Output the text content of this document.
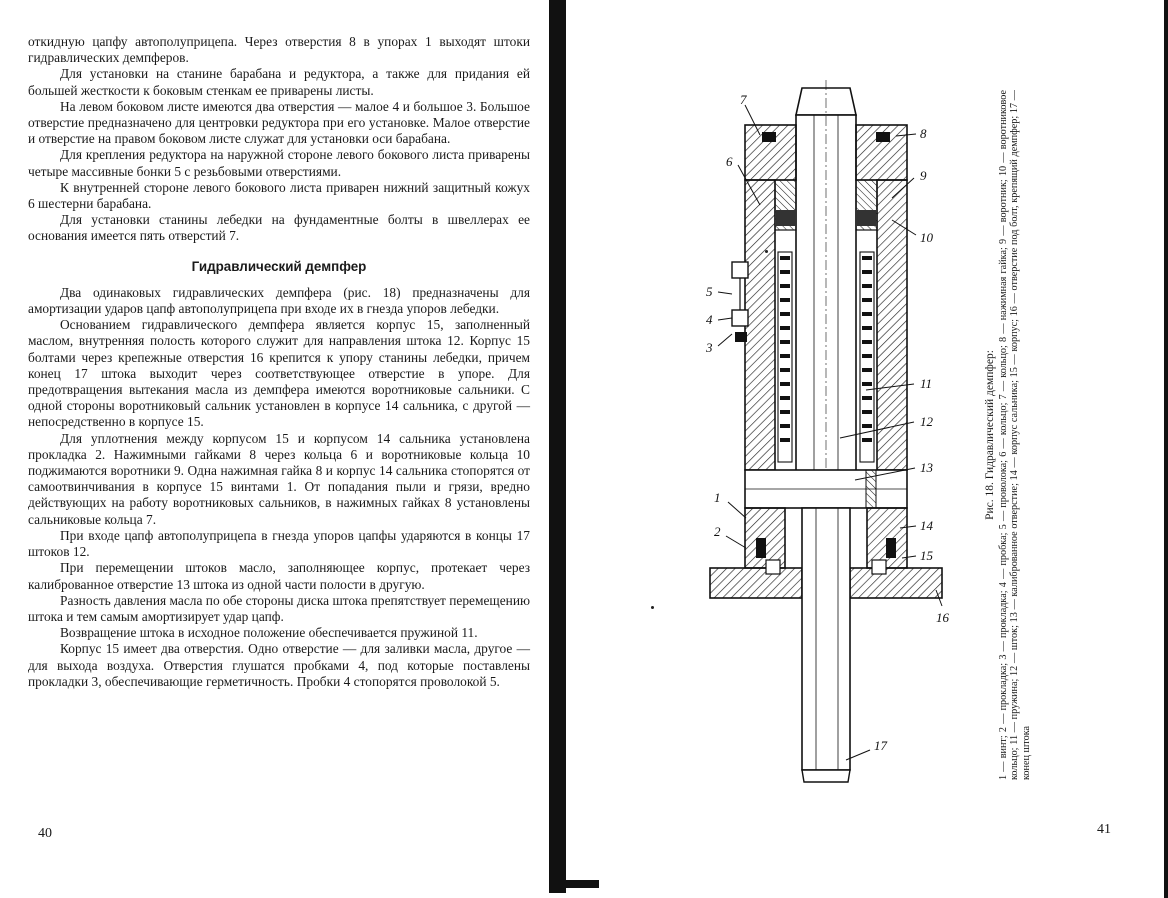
откидную цапфу автополуприцепа. Через отверстия 8 в упорах 1 выходят штоки гидравлических демпферов.

Для установки на станине барабана и редуктора, а также для придания ей большей жесткости к боковым стенкам ее приварены листы.

На левом боковом листе имеются два отверстия — малое 4 и большое 3. Большое отверстие предназначено для центровки редуктора при его установке. Малое отверстие и отверстие на правом боковом листе служат для установки оси барабана.

Для крепления редуктора на наружной стороне левого бокового листа приварены четыре массивные бонки 5 с резьбовыми отверстиями.

К внутренней стороне левого бокового листа приварен нижний защитный кожух 6 шестерни барабана.

Для установки станины лебедки на фундаментные болты в швеллерах ее основания имеется пять отверстий 7.

Гидравлический демпфер

Два одинаковых гидравлических демпфера (рис. 18) предназначены для амортизации ударов цапф автополуприцепа при входе их в гнезда упоров лебедки.

Основанием гидравлического демпфера является корпус 15, заполненный маслом, внутренняя полость которого служит для направления штока 12. Корпус 15 болтами через крепежные отверстия 16 крепится к упору станины лебедки, причем конец 17 штока выходит через соответствующее отверстие в упоре. Для предотвращения вытекания масла из демпфера имеются воротниковые сальники. С одной стороны воротниковый сальник установлен в корпусе 14 сальника, с другой — непосредственно в корпусе 15.

Для уплотнения между корпусом 15 и корпусом 14 сальника установлена прокладка 2. Нажимными гайками 8 через кольца 6 и воротниковые кольца 10 поджимаются воротники 9. Одна нажимная гайка 8 и корпус 14 сальника стопорятся от самоотвинчивания в корпусе 15 винтами 1. От попадания пыли и грязи, вредно действующих на работу воротниковых сальников, в нажимных гайках 8 установлены сальниковые кольца 7.

При входе цапф автополуприцепа в гнезда упоров цапфы ударяются в концы 17 штоков 12.

При перемещении штоков масло, заполняющее корпус, протекает через калиброванное отверстие 13 штока из одной части полости в другую.

Разность давления масла по обе стороны диска штока препятствует перемещению штока и тем самым амортизирует удар цапф.

Возвращение штока в исходное положение обеспечивается пружиной 11.

Корпус 15 имеет два отверстия. Одно отверстие — для заливки масла, другое — для выхода воздуха. Отверстия глушатся пробками 4, под которые поставлены прокладки 3, обеспечивающие герметичность. Пробки 4 стопорятся проволокой 5.

40
1
2
3
4
5
6
7
8
9
10
11
12
13
14
15
16
17
Рис. 18. Гидравлический демпфер: 1 — винт; 2 — прокладка; 3 — прокладка; 4 — пробка; 5 — проволока; 6 — кольцо; 7 — кольцо; 8 — нажимная гайка; 9 — воротник; 10 — воротниковое кольцо; 11 — пружина; 12 — шток; 13 — калиброванное отверстие; 14 — корпус сальника; 15 — корпус; 16 — отверстие под болт, крепящий демпфер; 17 — конец штока
41
